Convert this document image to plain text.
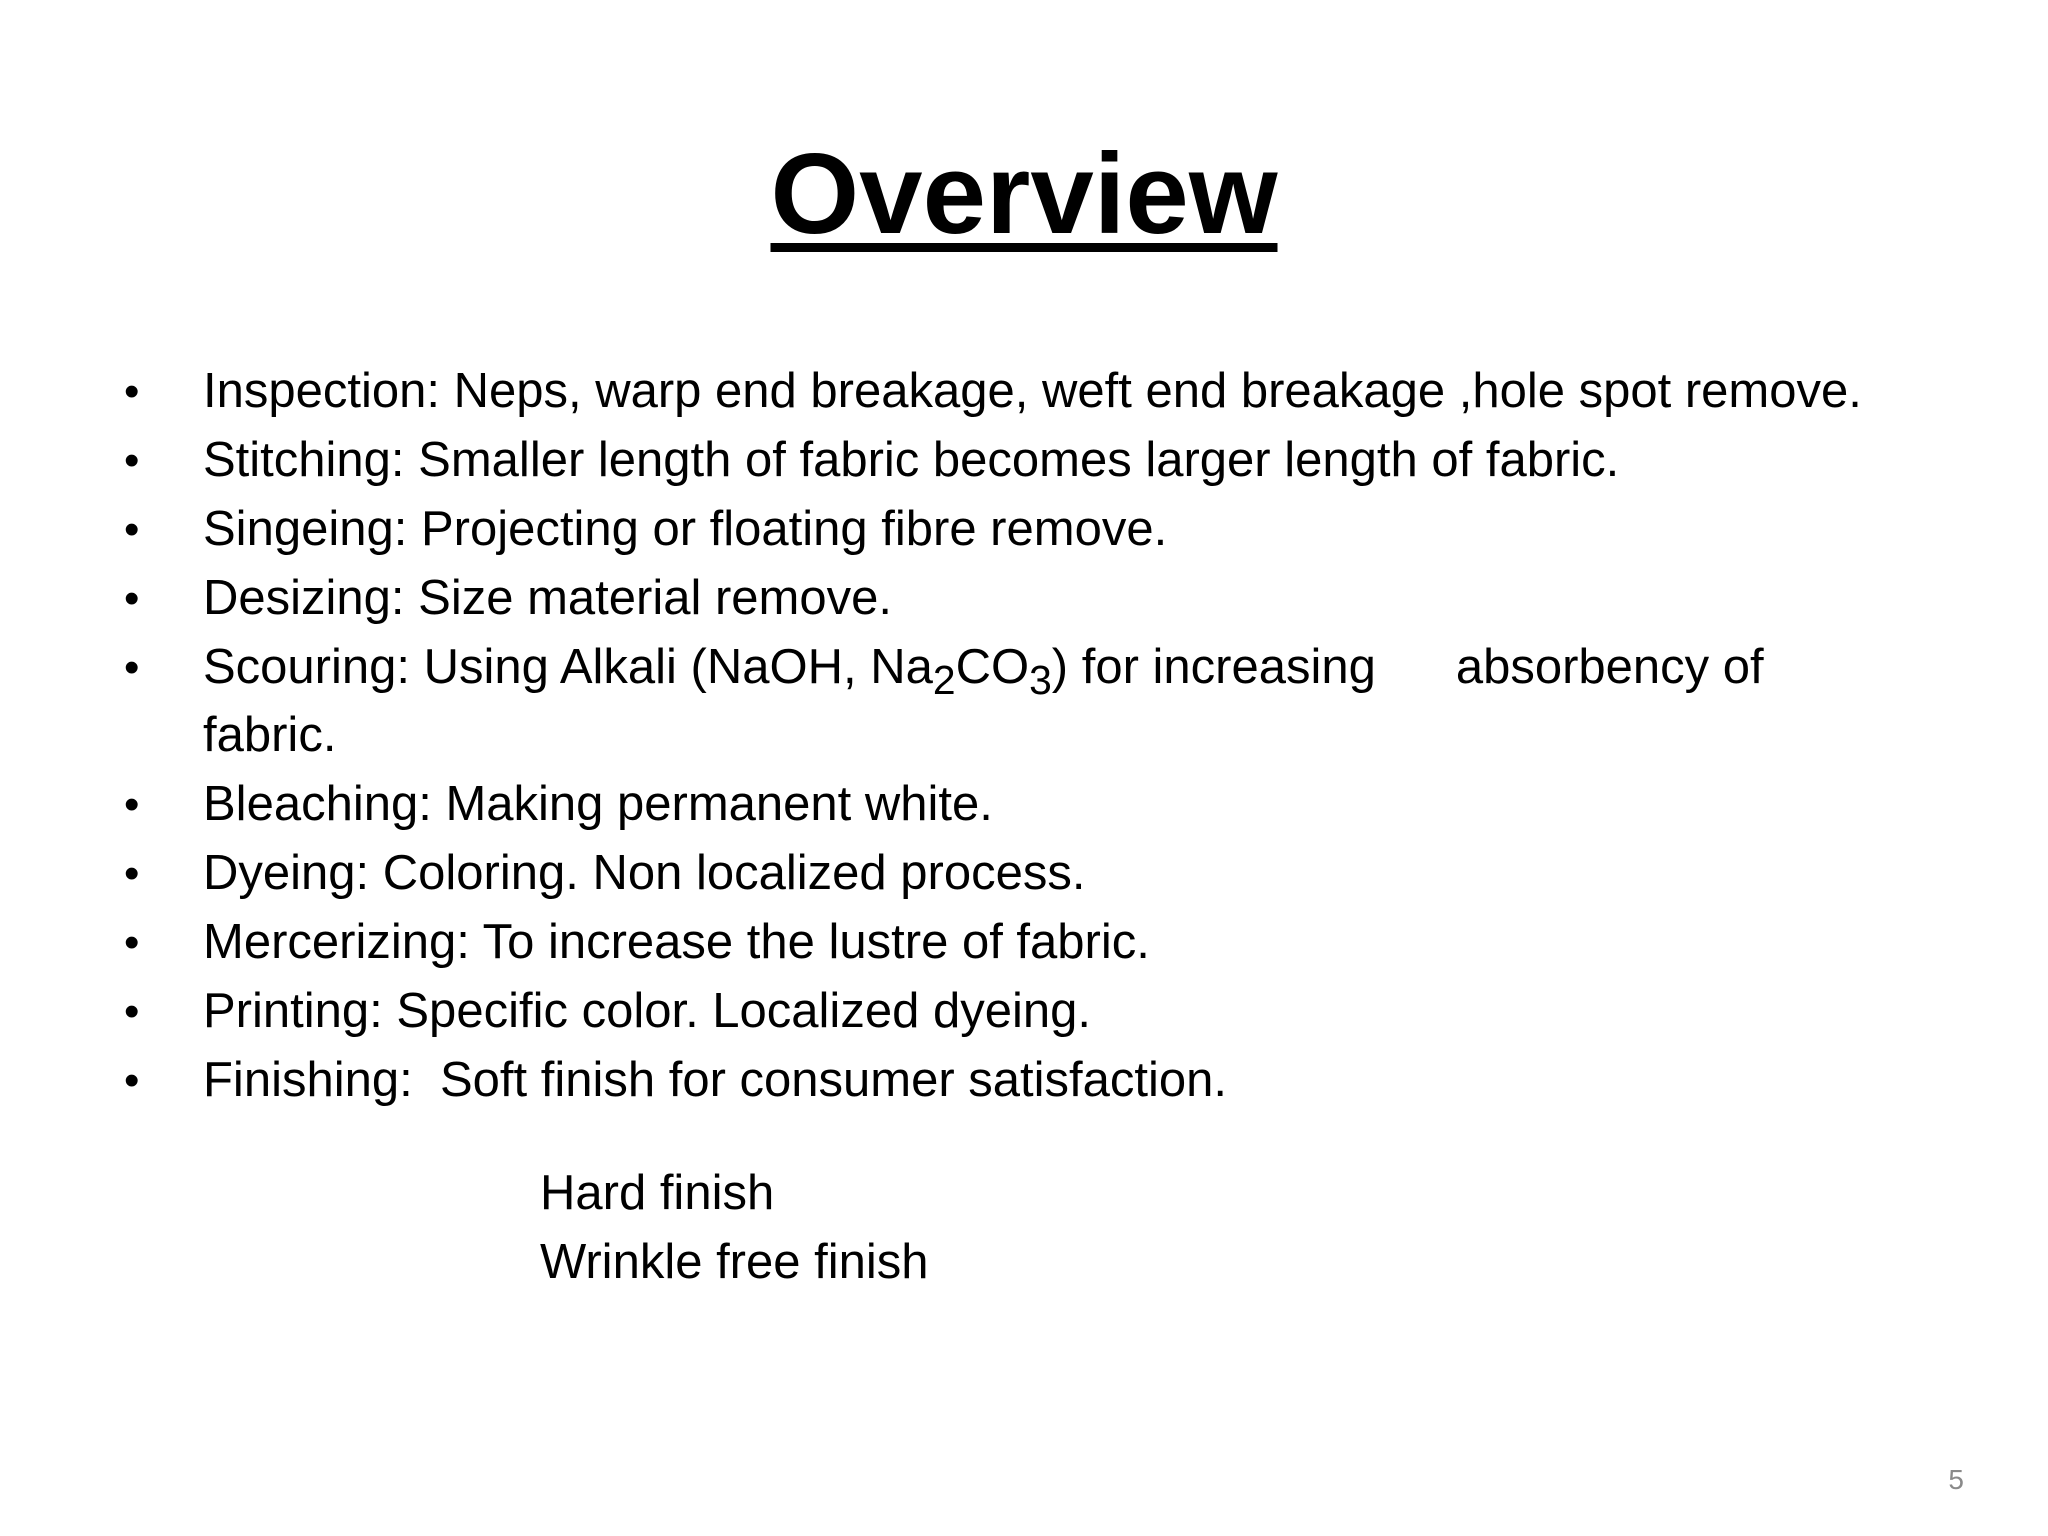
Overview
• Inspection: Neps, warp end breakage, weft end breakage ,hole spot remove.
• Stitching: Smaller length of fabric becomes larger length of fabric.
• Singeing: Projecting or floating fibre remove.
• Desizing: Size material remove.
• Scouring: Using Alkali (NaOH, $Na_2CO_3$) for increasing absorbency of fabric.
• Bleaching: Making permanent white.
• Dyeing: Coloring. Non localized process.
• Mercerizing: To increase the lustre of fabric.
• Printing: Specific color. Localized dyeing.
• Finishing:  Soft finish for consumer satisfaction.
Hard finish
Wrinkle free finish
5
